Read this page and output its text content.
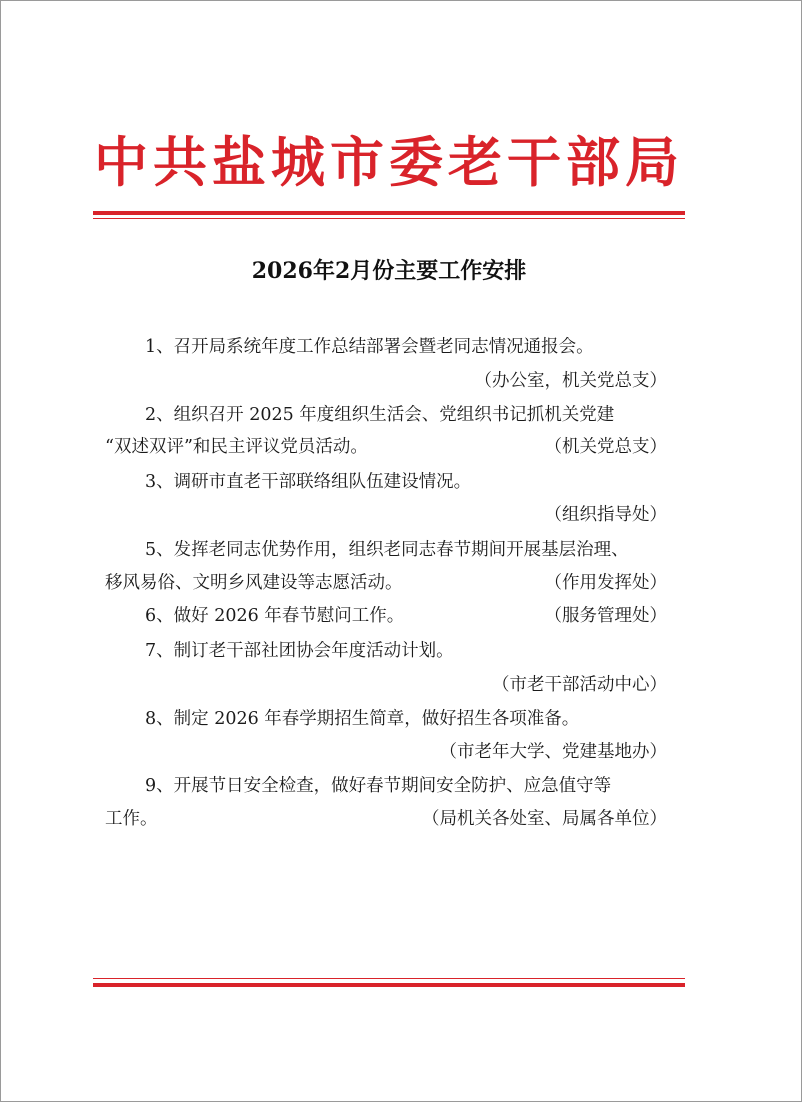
中共盐城市委老干部局
2026年2月份主要工作安排
1、召开局系统年度工作总结部署会暨老同志情况通报会。
（办公室，机关党总支）
2、组织召开 2025 年度组织生活会、党组织书记抓机关党建
“双述双评”和民主评议党员活动。	（机关党总支）
3、调研市直老干部联络组队伍建设情况。
（组织指导处）
5、发挥老同志优势作用，组织老同志春节期间开展基层治理、
移风易俗、文明乡风建设等志愿活动。	（作用发挥处）
6、做好 2026 年春节慰问工作。	（服务管理处）
7、制订老干部社团协会年度活动计划。
（市老干部活动中心）
8、制定 2026 年春学期招生简章，做好招生各项准备。
（市老年大学、党建基地办）
9、开展节日安全检查，做好春节期间安全防护、应急值守等
工作。	（局机关各处室、局属各单位）
